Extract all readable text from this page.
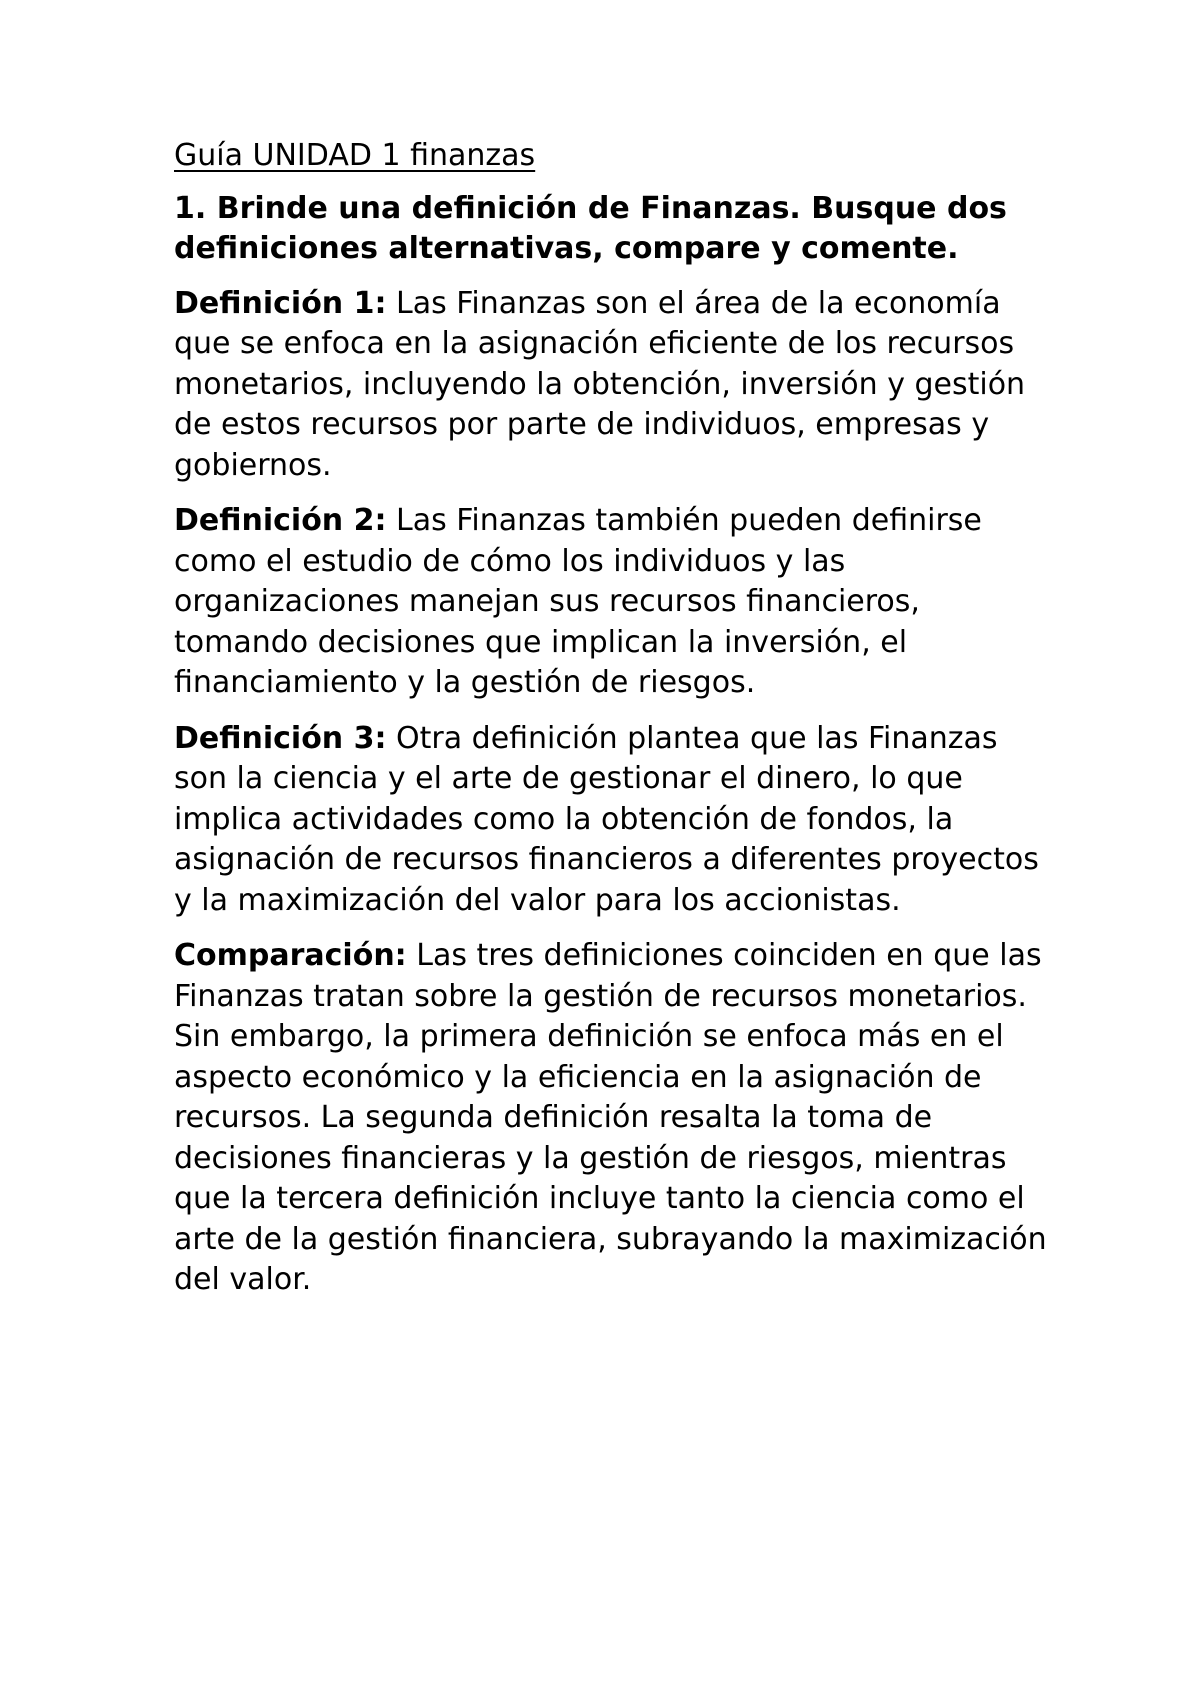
Guía UNIDAD 1 finanzas
1. Brinde una definición de Finanzas. Busque dos definiciones alternativas, compare y comente.

Definición 1: Las Finanzas son el área de la economía que se enfoca en la asignación eficiente de los recursos monetarios, incluyendo la obtención, inversión y gestión de estos recursos por parte de individuos, empresas y gobiernos.

Definición 2: Las Finanzas también pueden definirse como el estudio de cómo los individuos y las organizaciones manejan sus recursos financieros, tomando decisiones que implican la inversión, el financiamiento y la gestión de riesgos.

Definición 3: Otra definición plantea que las Finanzas son la ciencia y el arte de gestionar el dinero, lo que implica actividades como la obtención de fondos, la asignación de recursos financieros a diferentes proyectos y la maximización del valor para los accionistas.

Comparación: Las tres definiciones coinciden en que las Finanzas tratan sobre la gestión de recursos monetarios. Sin embargo, la primera definición se enfoca más en el aspecto económico y la eficiencia en la asignación de recursos. La segunda definición resalta la toma de decisiones financieras y la gestión de riesgos, mientras que la tercera definición incluye tanto la ciencia como el arte de la gestión financiera, subrayando la maximización del valor.
